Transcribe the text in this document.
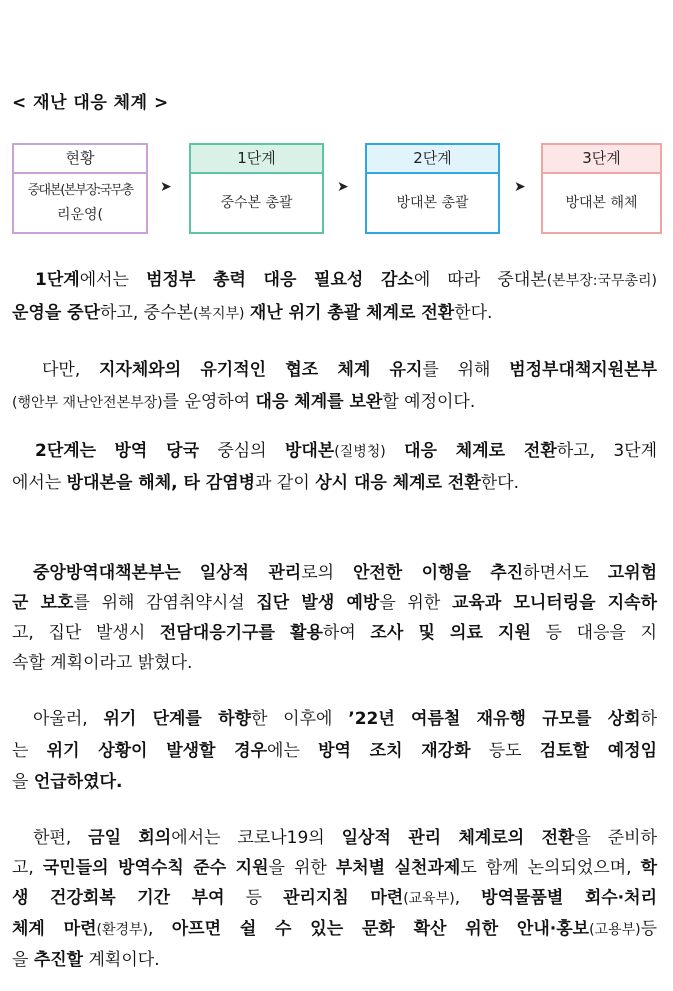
< 재난 대응 체계 >
현황
중대본(본부장:국무총
리운영(
➤
1단계
중수본 총괄
➤
2단계
방대본 총괄
➤
3단계
방대본 해체
1단계에서는 범정부 총력 대응 필요성 감소에 따라 중대본(본부장:국무총리)
운영을 중단하고, 중수본(복지부) 재난 위기 총괄 체계로 전환한다.
다만, 지자체와의 유기적인 협조 체계 유지를 위해 범정부대책지원본부
(행안부 재난안전본부장)를 운영하여 대응 체계를 보완할 예정이다.
2단계는 방역 당국 중심의 방대본(질병청) 대응 체계로 전환하고, 3단계
에서는 방대본을 해체, 타 감염병과 같이 상시 대응 체계로 전환한다.
중앙방역대책본부는 일상적 관리로의 안전한 이행을 추진하면서도 고위험
군 보호를 위해 감염취약시설 집단 발생 예방을 위한 교육과 모니터링을 지속하
고, 집단 발생시 전담대응기구를 활용하여 조사 및 의료 지원 등 대응을 지
속할 계획이라고 밝혔다.
아울러, 위기 단계를 하향한 이후에 ’22년 여름철 재유행 규모를 상회하
는 위기 상황이 발생할 경우에는 방역 조치 재강화 등도 검토할 예정임
을 언급하였다.
한편, 금일 회의에서는 코로나19의 일상적 관리 체계로의 전환을 준비하
고, 국민들의 방역수칙 준수 지원을 위한 부처별 실천과제도 함께 논의되었으며, 학
생 건강회복 기간 부여 등 관리지침 마련(교육부), 방역물품별 회수·처리
체계 마련(환경부), 아프면 쉴 수 있는 문화 확산 위한 안내·홍보(고용부)등
을 추진할 계획이다.
